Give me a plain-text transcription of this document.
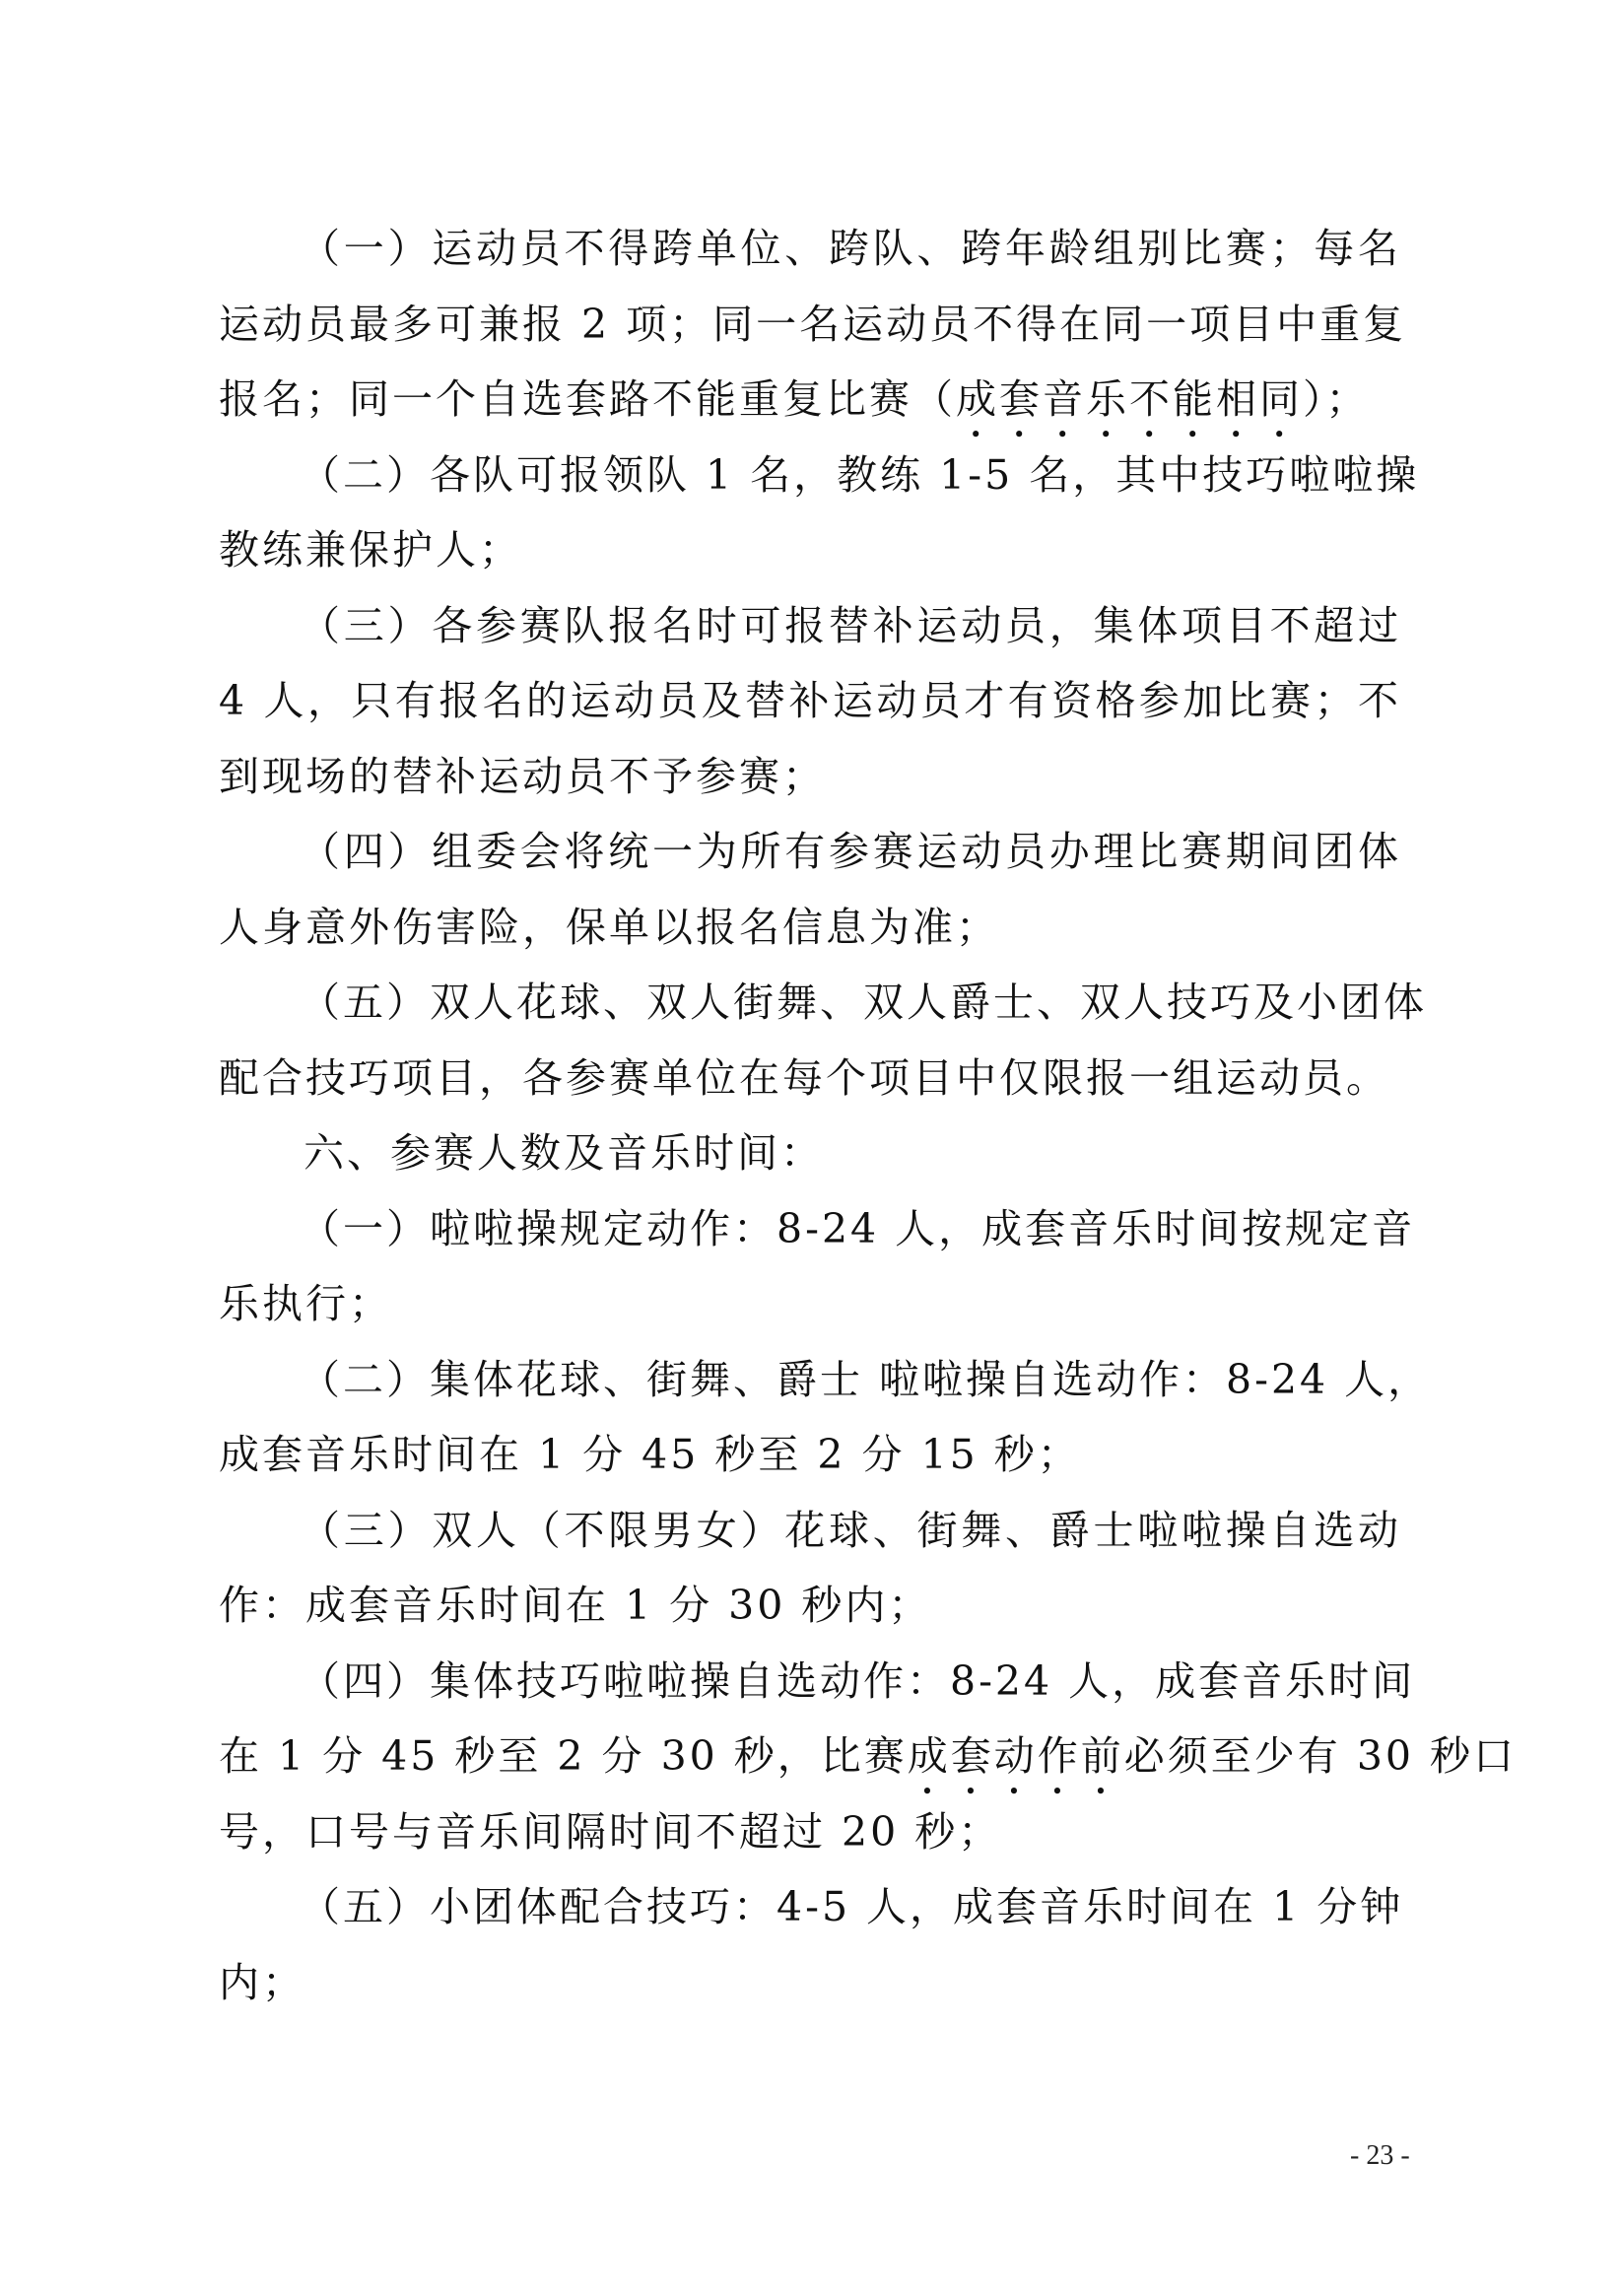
（一）运动员不得跨单位、跨队、跨年龄组别比赛；每名
运动员最多可兼报 2 项；同一名运动员不得在同一项目中重复
报名；同一个自选套路不能重复比赛（成套音乐不能相同）；
（二）各队可报领队 1 名，教练 1-5 名，其中技巧啦啦操
教练兼保护人；
（三）各参赛队报名时可报替补运动员，集体项目不超过
4 人，只有报名的运动员及替补运动员才有资格参加比赛；不
到现场的替补运动员不予参赛；
（四）组委会将统一为所有参赛运动员办理比赛期间团体
人身意外伤害险，保单以报名信息为准；
（五）双人花球、双人街舞、双人爵士、双人技巧及小团体
配合技巧项目，各参赛单位在每个项目中仅限报一组运动员。
六、参赛人数及音乐时间：
（一）啦啦操规定动作：8-24 人，成套音乐时间按规定音
乐执行；
（二）集体花球、街舞、爵士 啦啦操自选动作：8-24 人，
成套音乐时间在 1 分 45 秒至 2 分 15 秒；
（三）双人（不限男女）花球、街舞、爵士啦啦操自选动
作：成套音乐时间在 1 分 30 秒内；
（四）集体技巧啦啦操自选动作：8-24 人，成套音乐时间
在 1 分 45 秒至 2 分 30 秒，比赛成套动作前必须至少有 30 秒口
号，口号与音乐间隔时间不超过 20 秒；
（五）小团体配合技巧：4-5 人，成套音乐时间在 1 分钟
内；
- 23 -
